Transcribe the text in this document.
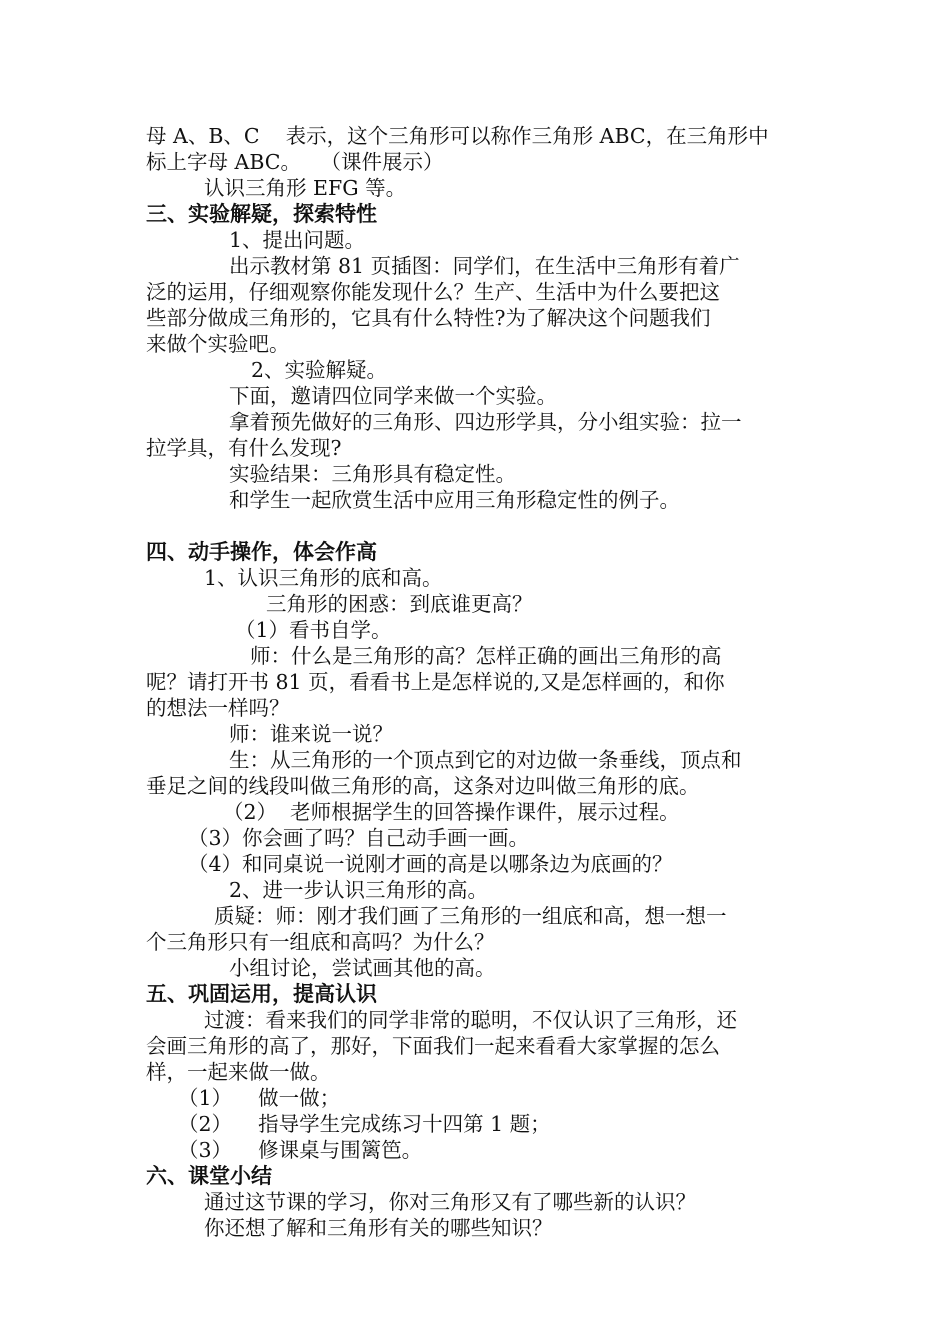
母 A、B、C    表示，这个三角形可以称作三角形 ABC，在三角形中
标上字母 ABC。   （课件展示）
认识三角形 EFG 等。
三、实验解疑，探索特性
1、提出问题。
出示教材第 81 页插图：同学们，在生活中三角形有着广
泛的运用，仔细观察你能发现什么？生产、生活中为什么要把这
些部分做成三角形的，它具有什么特性?为了解决这个问题我们
来做个实验吧。
2、实验解疑。
下面，邀请四位同学来做一个实验。
拿着预先做好的三角形、四边形学具，分小组实验：拉一
拉学具，有什么发现?
实验结果：三角形具有稳定性。
和学生一起欣赏生活中应用三角形稳定性的例子。
四、动手操作，体会作高
1、认识三角形的底和高。
三角形的困惑：到底谁更高？
（1）看书自学。
师：什么是三角形的高？怎样正确的画出三角形的高
呢？请打开书 81 页，看看书上是怎样说的,又是怎样画的，和你
的想法一样吗？
师：谁来说一说？
生：从三角形的一个顶点到它的对边做一条垂线，顶点和
垂足之间的线段叫做三角形的高，这条对边叫做三角形的底。
（2）  老师根据学生的回答操作课件，展示过程。
（3）你会画了吗？自己动手画一画。
（4）和同桌说一说刚才画的高是以哪条边为底画的？
2、进一步认识三角形的高。
质疑：师：刚才我们画了三角形的一组底和高，想一想一
个三角形只有一组底和高吗？为什么？
小组讨论，尝试画其他的高。
五、巩固运用，提高认识
过渡：看来我们的同学非常的聪明，不仅认识了三角形，还
会画三角形的高了，那好，下面我们一起来看看大家掌握的怎么
样，一起来做一做。
（1）    做一做；
（2）    指导学生完成练习十四第 1 题；
（3）    修课桌与围篱笆。
六、课堂小结
通过这节课的学习，你对三角形又有了哪些新的认识？
你还想了解和三角形有关的哪些知识？
